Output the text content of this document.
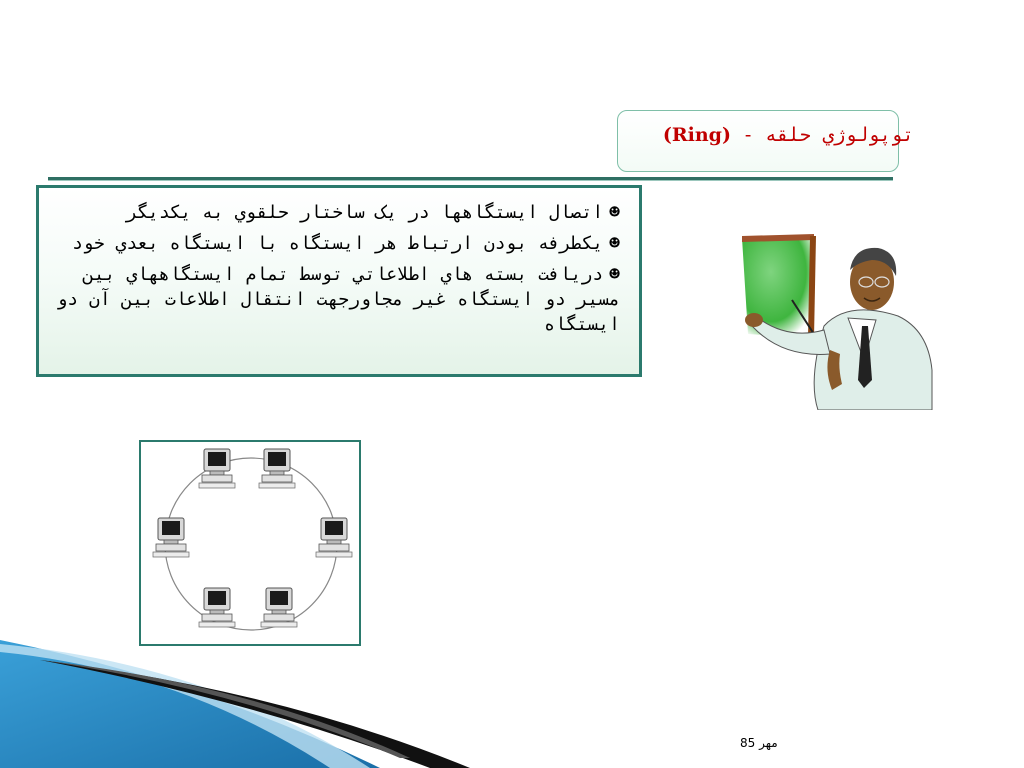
توپولوژي حلقه - (Ring)
☻اتصال ايستگاهها در يک ساختار حلقوي به يکديگر
☻يکطرفه بودن ارتباط هر ايستگاه با ايستگاه بعدي خود
☻دريافت بسته هاي اطلاعاتي توسط تمام ايستگاههاي بين مسير دو ايستگاه غير مجاورجهت انتقال اطلاعات بين آن دو ايستگاه
مهر 85
